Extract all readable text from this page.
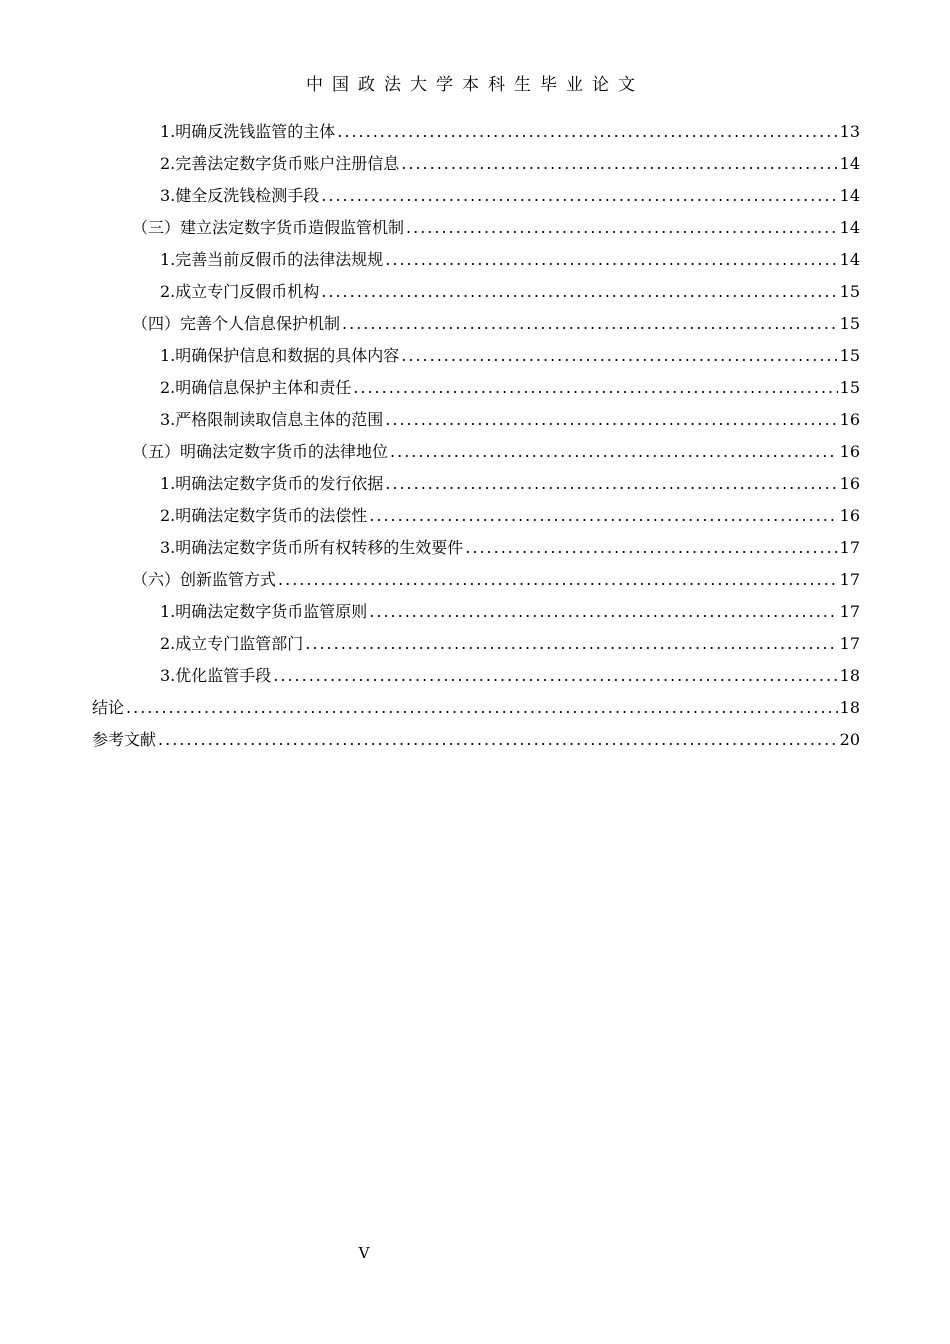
中国政法大学本科生毕业论文
1.明确反洗钱监管的主体 .....	13
2.完善法定数字货币账户注册信息 .....	14
3.健全反洗钱检测手段 .....	14
（三）建立法定数字货币造假监管机制 .....	14
1.完善当前反假币的法律法规规 .....	14
2.成立专门反假币机构 .....	15
（四）完善个人信息保护机制 .....	15
1.明确保护信息和数据的具体内容 .....	15
2.明确信息保护主体和责任 .....	15
3.严格限制读取信息主体的范围 .....	16
（五）明确法定数字货币的法律地位 .....	16
1.明确法定数字货币的发行依据 .....	16
2.明确法定数字货币的法偿性 .....	16
3.明确法定数字货币所有权转移的生效要件 .....	17
（六）创新监管方式 .....	17
1.明确法定数字货币监管原则 .....	17
2.成立专门监管部门 .....	17
3.优化监管手段 .....	18
结论 .....	18
参考文献 .....	20
V
